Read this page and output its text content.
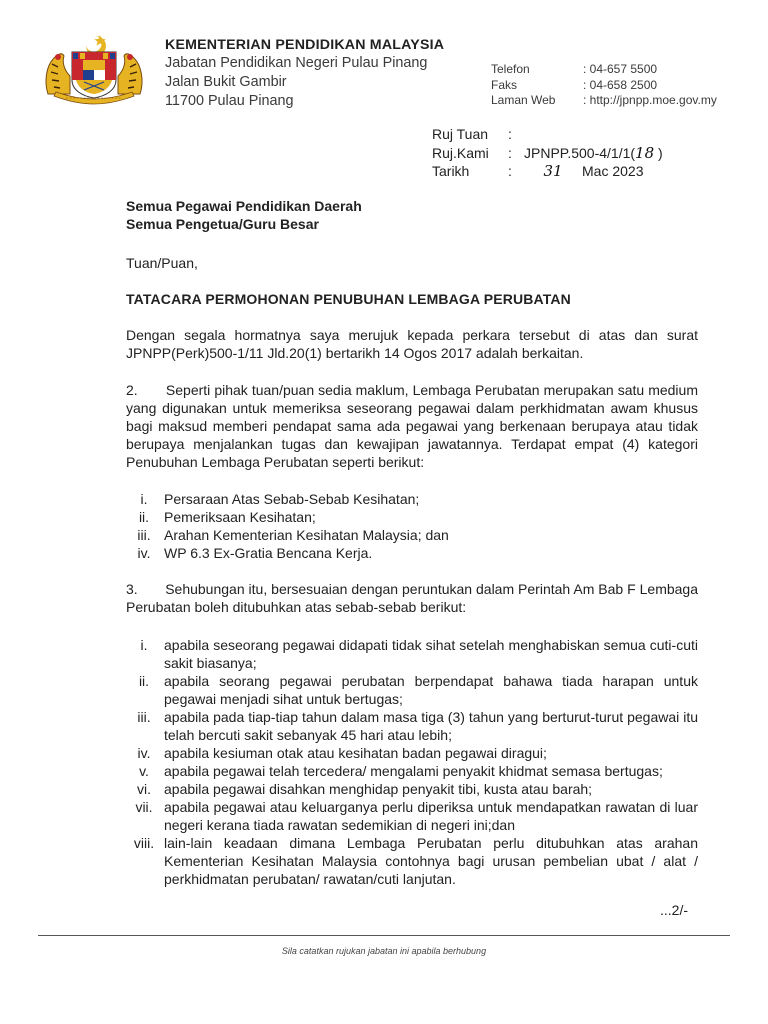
KEMENTERIAN PENDIDIKAN MALAYSIA
Jabatan Pendidikan Negeri Pulau Pinang
Jalan Bukit Gambir
11700 Pulau Pinang
Telefon	: 04-657 5500
Faks	: 04-658 2500
Laman Web	: http://jpnpp.moe.gov.my
Ruj Tuan	:
Ruj.Kami	: JPNPP.500-4/1/1(18 )
Tarikh	:	31 Mac 2023
Semua Pegawai Pendidikan Daerah
Semua Pengetua/Guru Besar
Tuan/Puan,
TATACARA PERMOHONAN PENUBUHAN LEMBAGA PERUBATAN
Dengan segala hormatnya saya merujuk kepada perkara tersebut di atas dan surat JPNPP(Perk)500-1/11 Jld.20(1) bertarikh 14 Ogos 2017 adalah berkaitan.
2.       Seperti pihak tuan/puan sedia maklum, Lembaga Perubatan merupakan satu medium yang digunakan untuk memeriksa seseorang pegawai dalam perkhidmatan awam khusus bagi maksud memberi pendapat sama ada pegawai yang berkenaan berupaya atau tidak berupaya menjalankan tugas dan kewajipan jawatannya. Terdapat empat (4) kategori Penubuhan Lembaga Perubatan seperti berikut:
i.	Persaraan Atas Sebab-Sebab Kesihatan;
ii.	Pemeriksaan Kesihatan;
iii. Arahan Kementerian Kesihatan Malaysia; dan
iv. WP 6.3 Ex-Gratia Bencana Kerja.
3.       Sehubungan itu, bersesuaian dengan peruntukan dalam Perintah Am Bab F Lembaga Perubatan boleh ditubuhkan atas sebab-sebab berikut:
i.	apabila seseorang pegawai didapati tidak sihat setelah menghabiskan semua cuti-cuti sakit biasanya;
ii.	apabila seorang pegawai perubatan berpendapat bahawa tiada harapan untuk pegawai menjadi sihat untuk bertugas;
iii. apabila pada tiap-tiap tahun dalam masa tiga (3) tahun yang berturut-turut pegawai itu telah bercuti sakit sebanyak 45 hari atau lebih;
iv. apabila kesiuman otak atau kesihatan badan pegawai diragui;
v.	apabila pegawai telah tercedera/ mengalami penyakit khidmat semasa bertugas;
vi. apabila pegawai disahkan menghidap penyakit tibi, kusta atau barah;
vii. apabila pegawai atau keluarganya perlu diperiksa untuk mendapatkan rawatan di luar negeri kerana tiada rawatan sedemikian di negeri ini;dan
viii. lain-lain keadaan dimana Lembaga Perubatan perlu ditubuhkan atas arahan Kementerian Kesihatan Malaysia contohnya bagi urusan pembelian ubat / alat / perkhidmatan perubatan/ rawatan/cuti lanjutan.
...2/-
Sila catatkan rujukan jabatan ini apabila berhubung
